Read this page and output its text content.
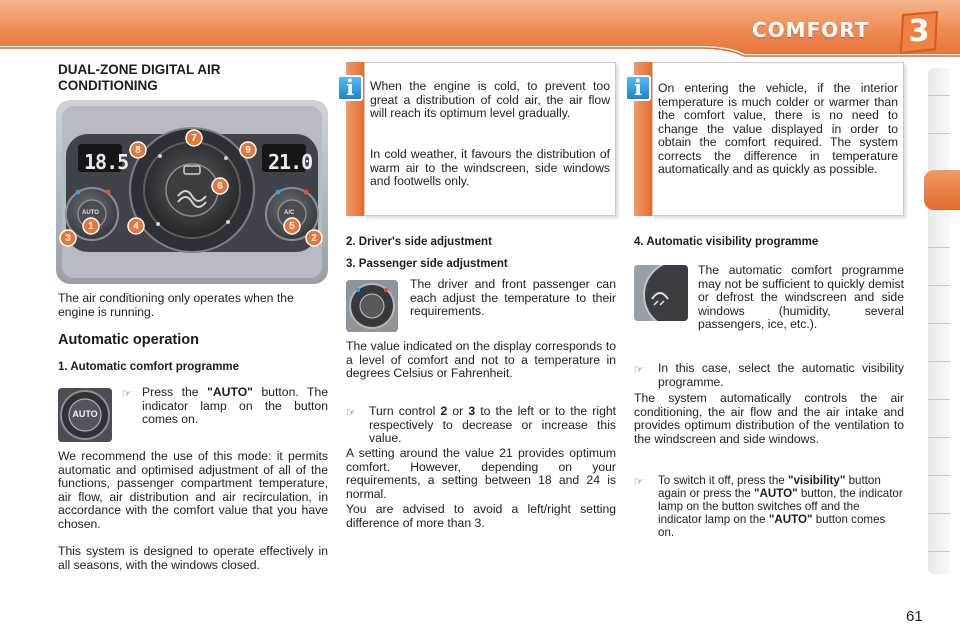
COMFORT	3
DUAL-ZONE DIGITAL AIR CONDITIONING
18.5	21.0
AUTO	A/C
1
2
3
4	5
6
7
8	9

The air conditioning only operates when the engine is running.

Automatic operation
1. Automatic comfort programme
AUTO
☞ Press the "AUTO" button. The indicator lamp on the button comes on.

We recommend the use of this mode: it permits automatic and optimised adjustment of all of the functions, passenger compartment temperature, air flow, air distribution and air recirculation, in accordance with the comfort value that you have chosen.

This system is designed to operate effectively in all seasons, with the windows closed.

i	When the engine is cold, to prevent too great a distribution of cold air, the air flow will reach its optimum level gradually.

In cold weather, it favours the distribution of warm air to the windscreen, side windows and footwells only.

i	On entering the vehicle, if the interior temperature is much colder or warmer than the comfort value, there is no need to change the value displayed in order to obtain the comfort required. The system corrects the difference in temperature automatically and as quickly as possible.

2. Driver's side adjustment
3. Passenger side adjustment

The driver and front passenger can each adjust the temperature to their requirements.

The value indicated on the display corresponds to a level of comfort and not to a temperature in degrees Celsius or Fahrenheit.

☞	Turn control 2 or 3 to the left or to the right respectively to decrease or increase this value.

A setting around the value 21 provides optimum comfort. However, depending on your requirements, a setting between 18 and 24 is normal.

You are advised to avoid a left/right setting difference of more than 3.

4. Automatic visibility programme

The automatic comfort programme may not be sufficient to quickly demist or defrost the windscreen and side windows (humidity, several passengers, ice, etc.).

☞	In this case, select the automatic visibility programme.

The system automatically controls the air conditioning, the air flow and the air intake and provides optimum distribution of the ventilation to the windscreen and side windows.

☞	To switch it off, press the "visibility" button again or press the "AUTO" button, the indicator lamp on the button switches off and the indicator lamp on the "AUTO" button comes on.

61
